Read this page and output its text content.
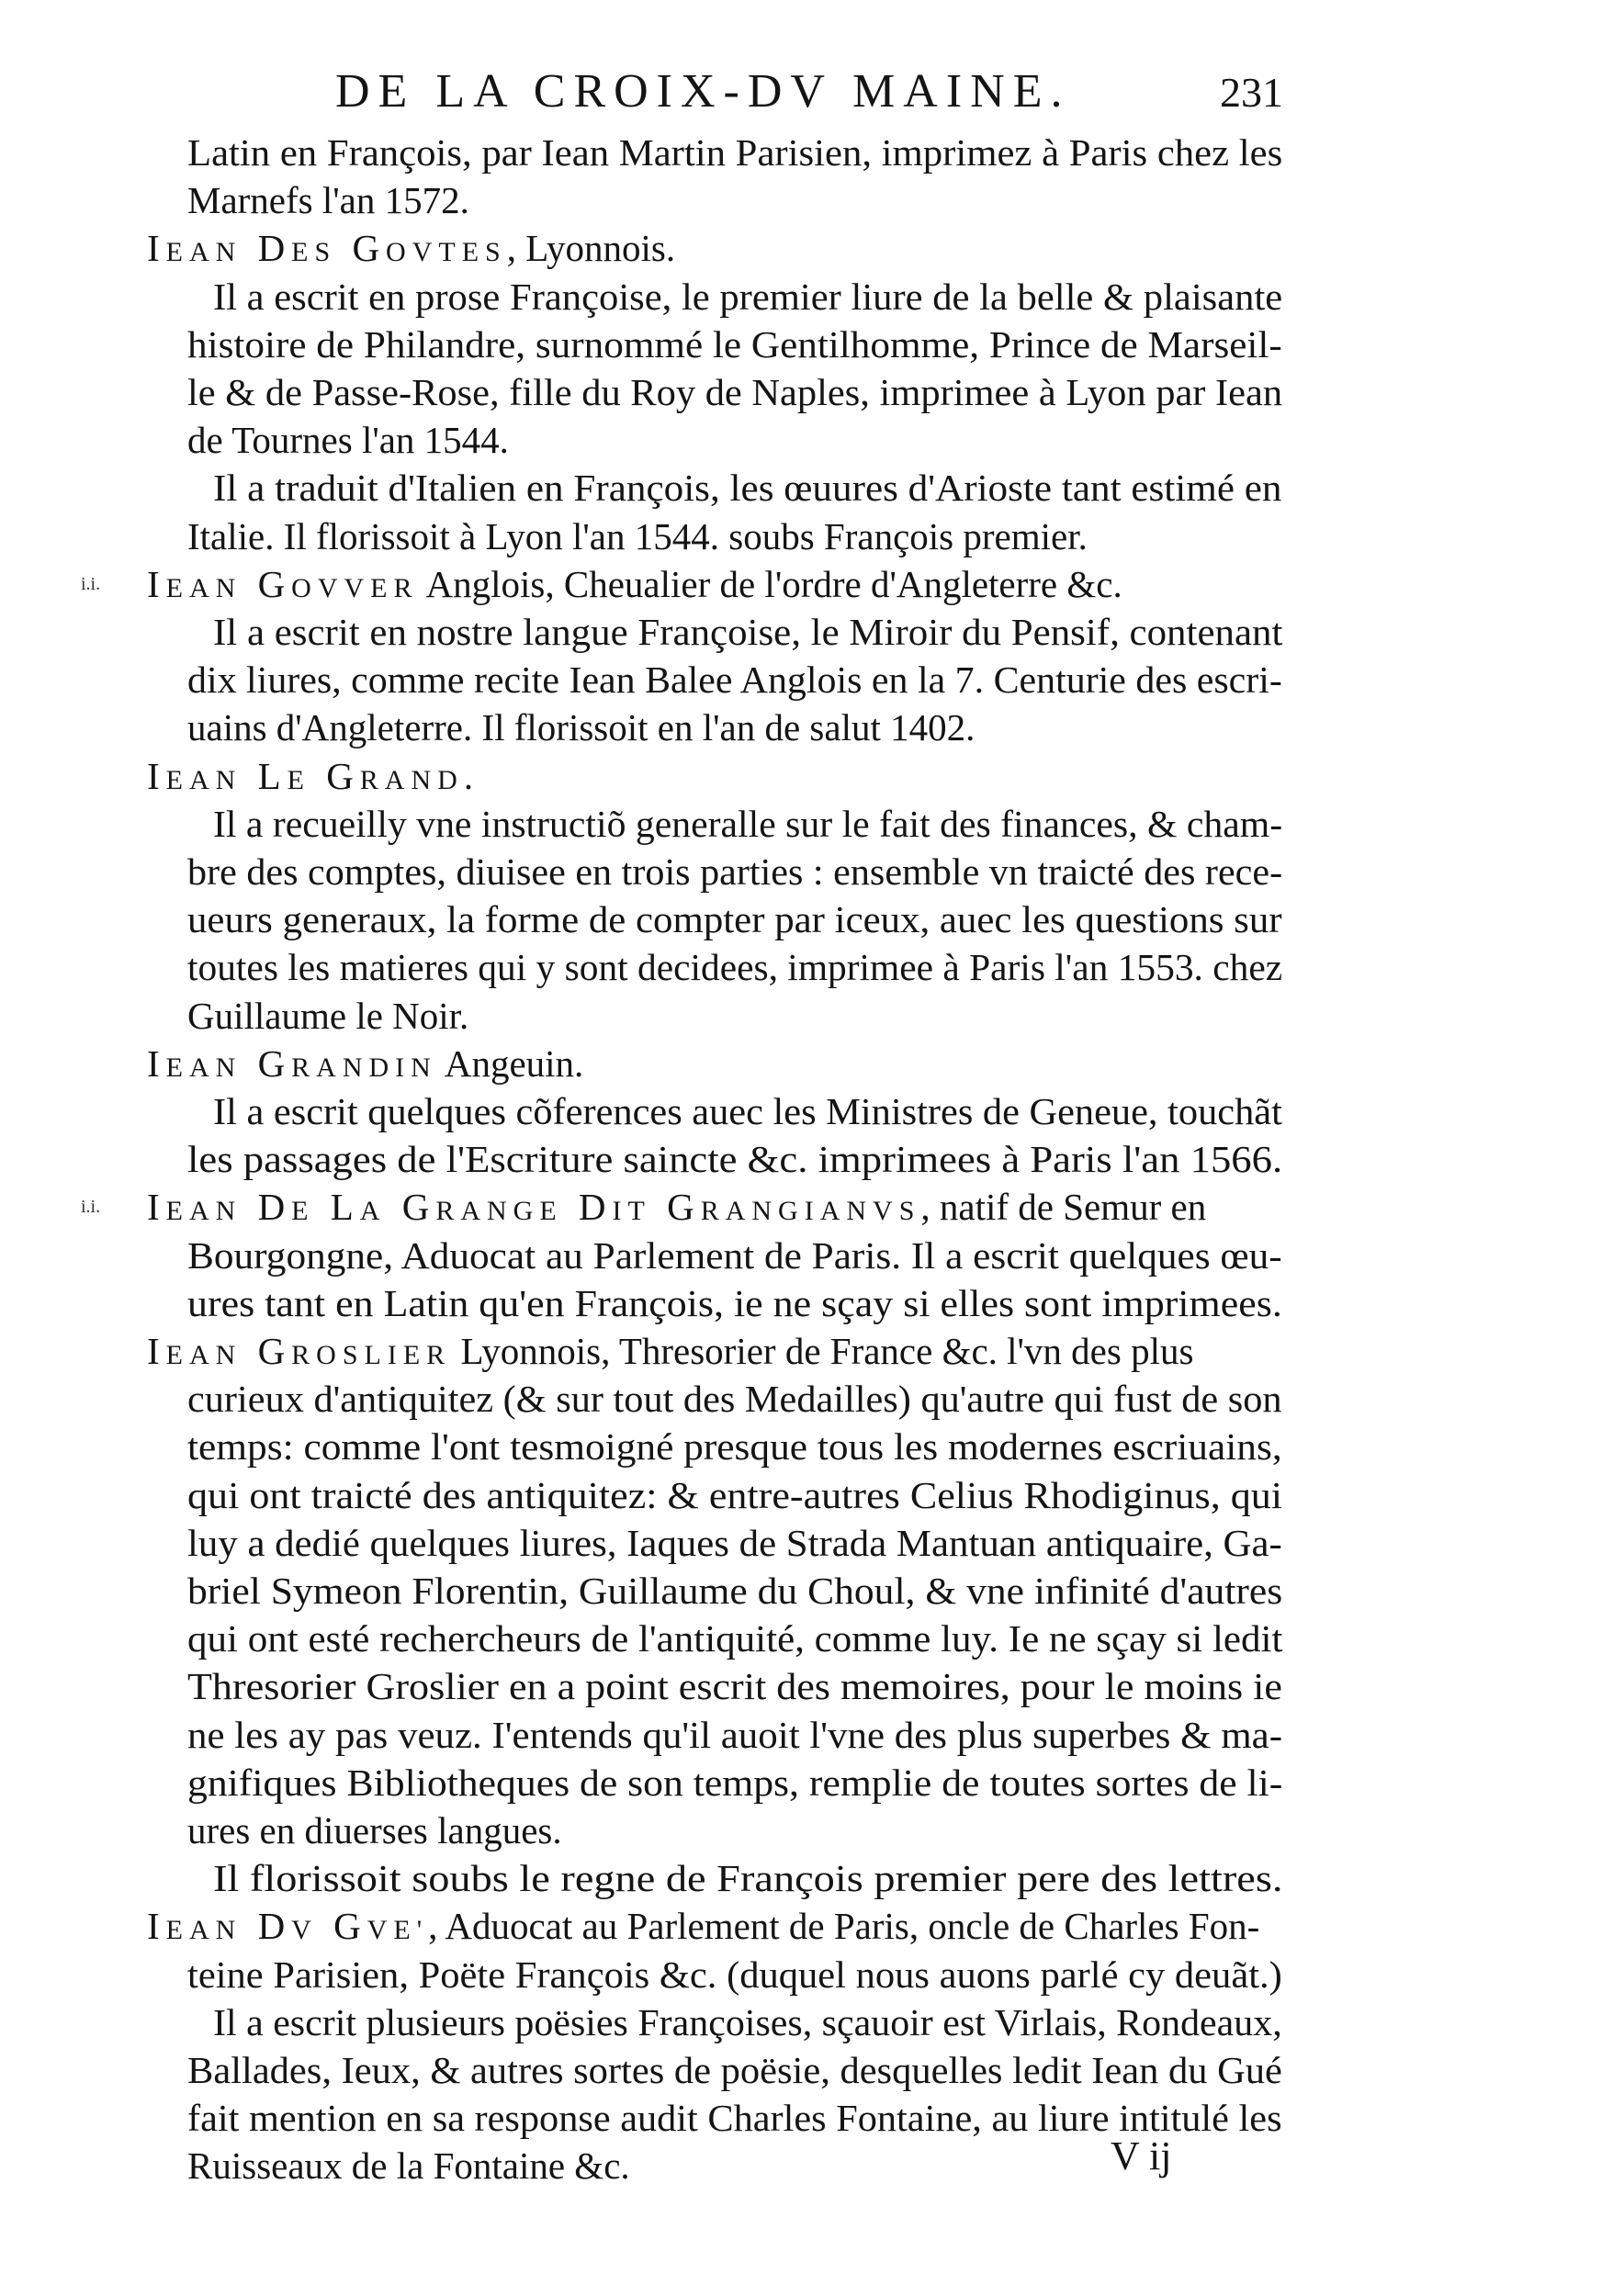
DE LA CROIX-DV MAINE.	231
Latin en François, par Iean Martin Parisien, imprimez à Paris chez les
Marnefs l'an 1572.
IEAN DES GOVTES, Lyonnois.
Il a escrit en prose Françoise, le premier liure de la belle & plaisante
histoire de Philandre, surnommé le Gentilhomme, Prince de Marseil-
le & de Passe-Rose, fille du Roy de Naples, imprimee à Lyon par Iean
de Tournes l'an 1544.
Il a traduit d'Italien en François, les œuures d'Arioste tant estimé en
Italie. Il florissoit à Lyon l'an 1544. soubs François premier.
IEAN GOVVER Anglois, Cheualier de l'ordre d'Angleterre &c.
i.i.
Il a escrit en nostre langue Françoise, le Miroir du Pensif, contenant
dix liures, comme recite Iean Balee Anglois en la 7. Centurie des escri-
uains d'Angleterre. Il florissoit en l'an de salut 1402.
IEAN LE GRAND.
Il a recueilly vne instructiõ generalle sur le fait des finances, & cham-
bre des comptes, diuisee en trois parties : ensemble vn traicté des rece-
ueurs generaux, la forme de compter par iceux, auec les questions sur
toutes les matieres qui y sont decidees, imprimee à Paris l'an 1553. chez
Guillaume le Noir.
IEAN GRANDIN Angeuin.
Il a escrit quelques cõferences auec les Ministres de Geneue, touchãt
les passages de l'Escriture saincte &c. imprimees à Paris l'an 1566.
IEAN DE LA GRANGE DIT GRANGIANVS, natif de Semur en
i.i.
Bourgongne, Aduocat au Parlement de Paris. Il a escrit quelques œu-
ures tant en Latin qu'en François, ie ne sçay si elles sont imprimees.
IEAN GROSLIER Lyonnois, Thresorier de France &c. l'vn des plus
curieux d'antiquitez (& sur tout des Medailles) qu'autre qui fust de son
temps: comme l'ont tesmoigné presque tous les modernes escriuains,
qui ont traicté des antiquitez: & entre-autres Celius Rhodiginus, qui
luy a dedié quelques liures, Iaques de Strada Mantuan antiquaire, Ga-
briel Symeon Florentin, Guillaume du Choul, & vne infinité d'autres
qui ont esté rechercheurs de l'antiquité, comme luy. Ie ne sçay si ledit
Thresorier Groslier en a point escrit des memoires, pour le moins ie
ne les ay pas veuz. I'entends qu'il auoit l'vne des plus superbes & ma-
gnifiques Bibliotheques de son temps, remplie de toutes sortes de li-
ures en diuerses langues.
Il florissoit soubs le regne de François premier pere des lettres.
IEAN DV GVE', Aduocat au Parlement de Paris, oncle de Charles Fon-
teine Parisien, Poëte François &c. (duquel nous auons parlé cy deuãt.)
Il a escrit plusieurs poësies Françoises, sçauoir est Virlais, Rondeaux,
Ballades, Ieux, & autres sortes de poësie, desquelles ledit Iean du Gué
fait mention en sa response audit Charles Fontaine, au liure intitulé les
Ruisseaux de la Fontaine &c.	V ij
